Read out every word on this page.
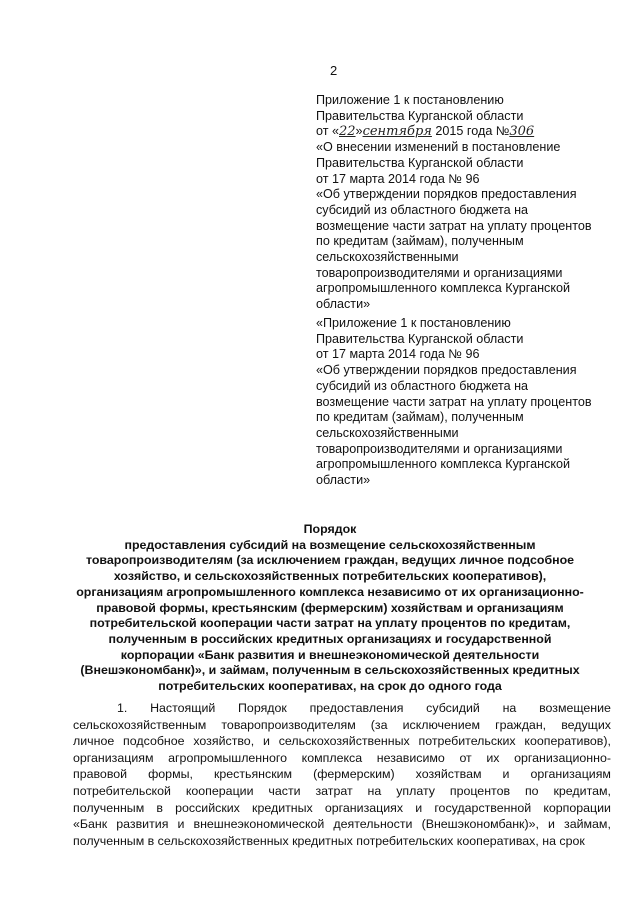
2
Приложение 1 к постановлению
Правительства Курганской области
от «22»сентября 2015 года №306
«О внесении изменений в постановление
Правительства Курганской области
от 17 марта 2014 года № 96
«Об утверждении порядков предоставления
субсидий из областного бюджета на
возмещение части затрат на уплату процентов
по кредитам (займам), полученным
сельскохозяйственными
товаропроизводителями и организациями
агропромышленного комплекса Курганской
области»
«Приложение 1 к постановлению
Правительства Курганской области
от 17 марта 2014 года № 96
«Об утверждении порядков предоставления
субсидий из областного бюджета на
возмещение части затрат на уплату процентов
по кредитам (займам), полученным
сельскохозяйственными
товаропроизводителями и организациями
агропромышленного комплекса Курганской
области»
Порядок
предоставления субсидий на возмещение сельскохозяйственным
товаропроизводителям (за исключением граждан, ведущих личное подсобное
хозяйство, и сельскохозяйственных потребительских кооперативов),
организациям агропромышленного комплекса независимо от их организационно-
правовой формы, крестьянским (фермерским) хозяйствам и организациям
потребительской кооперации части затрат на уплату процентов по кредитам,
полученным в российских кредитных организациях и государственной
корпорации «Банк развития и внешнеэкономической деятельности
(Внешэкономбанк)», и займам, полученным в сельскохозяйственных кредитных
потребительских кооперативах, на срок до одного года
1. Настоящий Порядок предоставления субсидий на возмещение
сельскохозяйственным товаропроизводителям (за исключением граждан, ведущих
личное подсобное хозяйство, и сельскохозяйственных потребительских кооперативов),
организациям агропромышленного комплекса независимо от их организационно-
правовой формы, крестьянским (фермерским) хозяйствам и организациям
потребительской кооперации части затрат на уплату процентов по кредитам,
полученным в российских кредитных организациях и государственной корпорации
«Банк развития и внешнеэкономической деятельности (Внешэкономбанк)», и займам,
полученным в сельскохозяйственных кредитных потребительских кооперативах, на срок
